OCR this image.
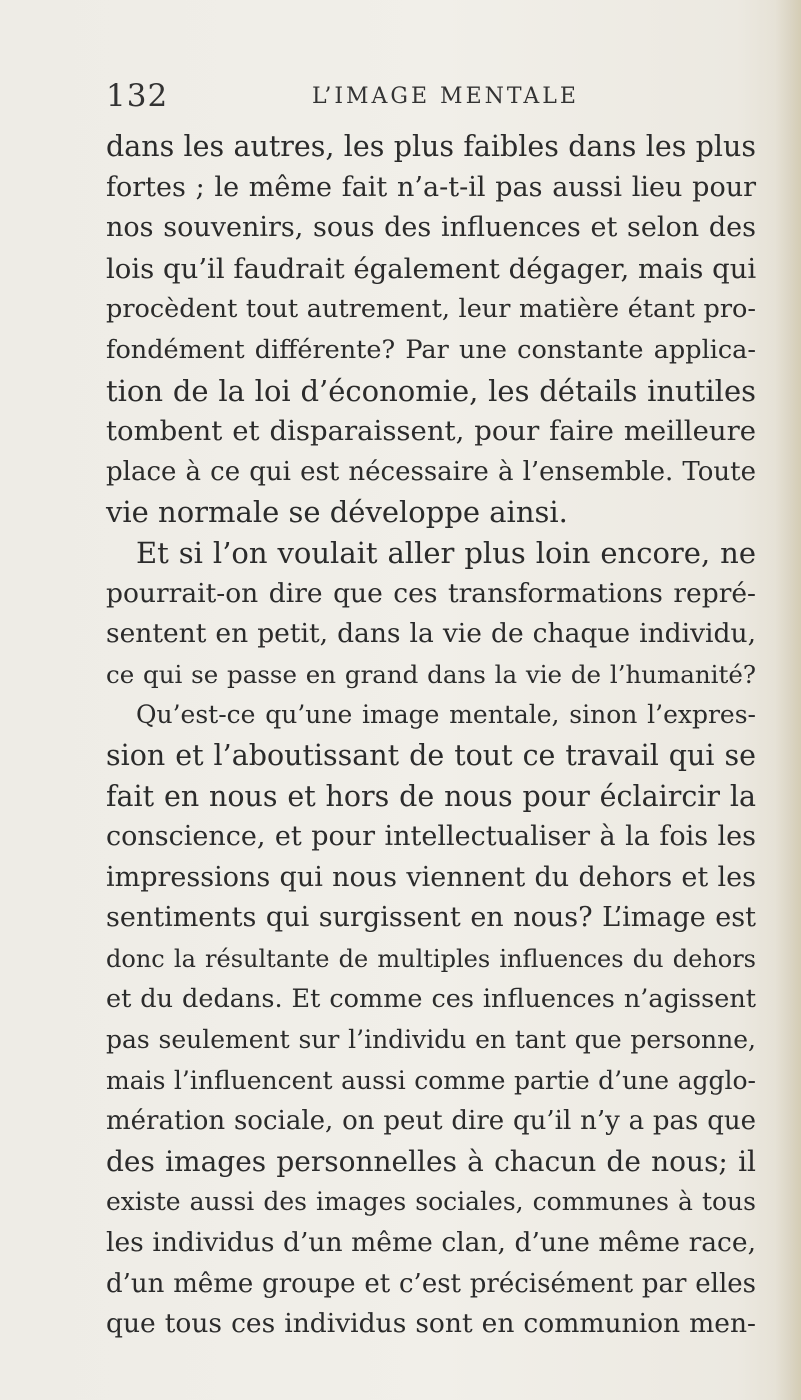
132	L’IMAGE MENTALE
dans les autres, les plus faibles dans les plus
fortes ; le même fait n’a-t-il pas aussi lieu pour
nos souvenirs, sous des influences et selon des
lois qu’il faudrait également dégager, mais qui
procèdent tout autrement, leur matière étant pro-
fondément différente? Par une constante applica-
tion de la loi d’économie, les détails inutiles
tombent et disparaissent, pour faire meilleure
place à ce qui est nécessaire à l’ensemble. Toute
vie normale se développe ainsi.
Et si l’on voulait aller plus loin encore, ne
pourrait-on dire que ces transformations repré-
sentent en petit, dans la vie de chaque individu,
ce qui se passe en grand dans la vie de l’humanité?
Qu’est-ce qu’une image mentale, sinon l’expres-
sion et l’aboutissant de tout ce travail qui se
fait en nous et hors de nous pour éclaircir la
conscience, et pour intellectualiser à la fois les
impressions qui nous viennent du dehors et les
sentiments qui surgissent en nous? L’image est
donc la résultante de multiples influences du dehors
et du dedans. Et comme ces influences n’agissent
pas seulement sur l’individu en tant que personne,
mais l’influencent aussi comme partie d’une agglo-
mération sociale, on peut dire qu’il n’y a pas que
des images personnelles à chacun de nous; il
existe aussi des images sociales, communes à tous
les individus d’un même clan, d’une même race,
d’un même groupe et c’est précisément par elles
que tous ces individus sont en communion men-
